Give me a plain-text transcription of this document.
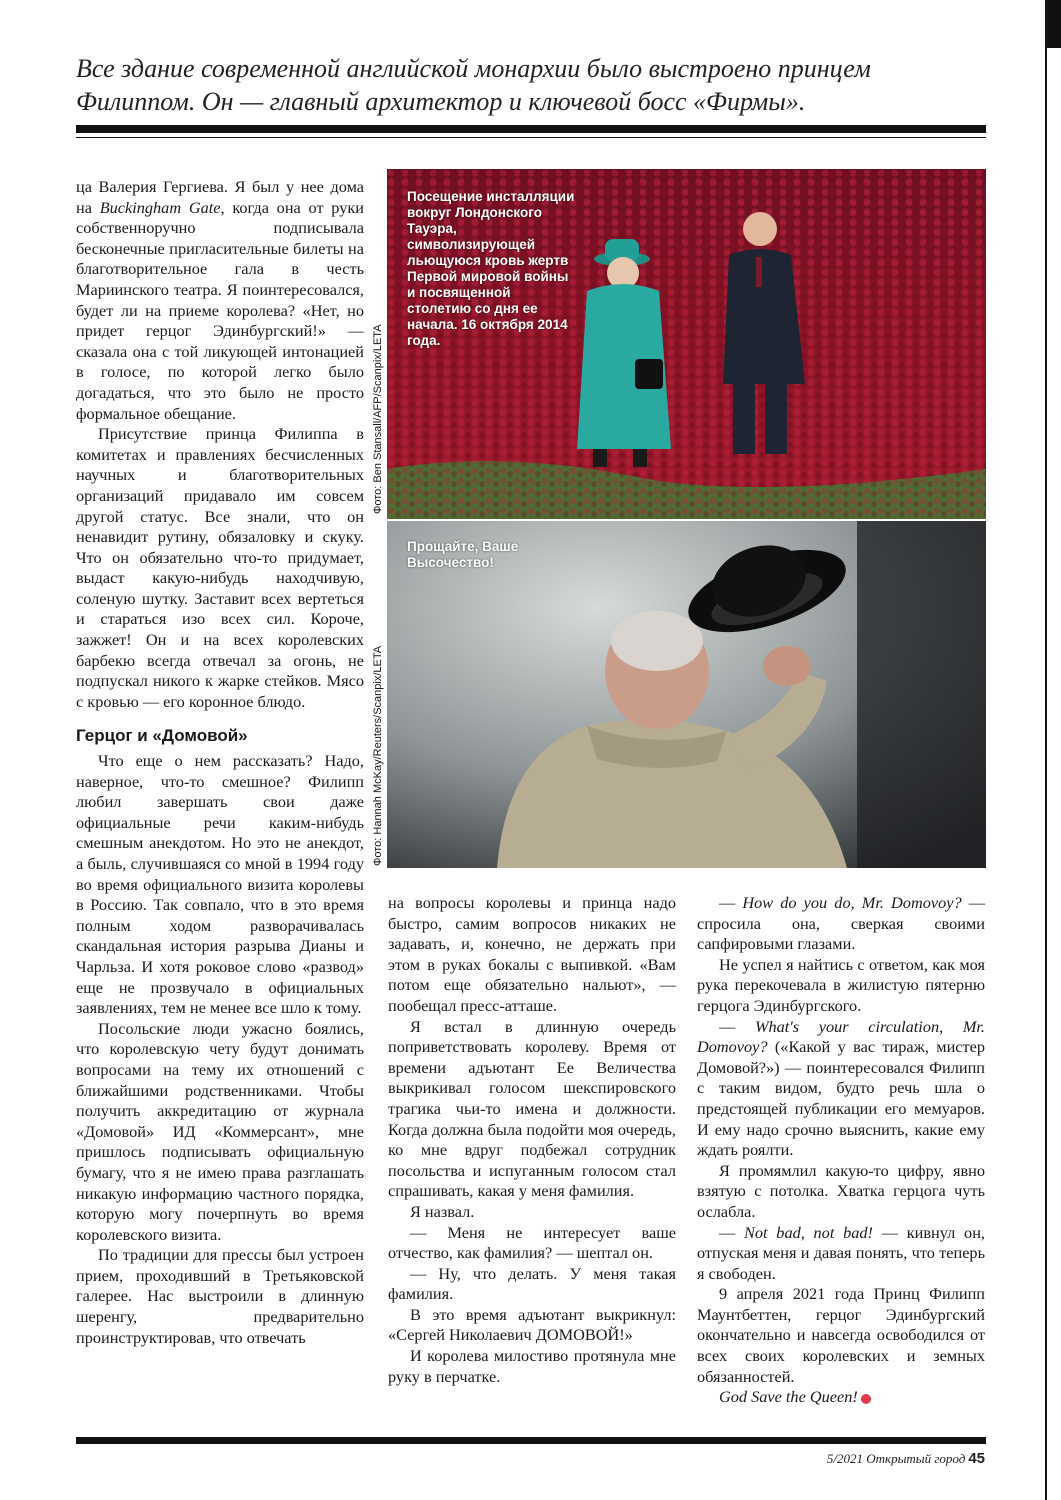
Все здание современной английской монархии было выстроено принцем Филиппом. Он — главный архитектор и ключевой босс «Фирмы».

ца Валерия Гергиева. Я был у нее дома на Buckingham Gate, когда она от руки собственноручно подписывала бесконечные пригласительные билеты на благотворительное гала в честь Мариинского театра. Я поинтересовался, будет ли на приеме королева? «Нет, но придет герцог Эдинбургский!» — сказала она с той ликующей интонацией в голосе, по которой легко было догадаться, что это было не просто формальное обещание.

Присутствие принца Филиппа в комитетах и правлениях бесчисленных научных и благотворительных организаций придавало им совсем другой статус. Все знали, что он ненавидит рутину, обязаловку и скуку. Что он обязательно что-то придумает, выдаст какую-нибудь находчивую, соленую шутку. Заставит всех вертеться и стараться изо всех сил. Короче, зажжет! Он и на всех королевских барбекю всегда отвечал за огонь, не подпускал никого к жарке стейков. Мясо с кровью — его коронное блюдо.

Герцог и «Домовой»

Что еще о нем рассказать? Надо, наверное, что-то смешное? Филипп любил завершать свои даже официальные речи каким-нибудь смешным анекдотом. Но это не анекдот, а быль, случившаяся со мной в 1994 году во время официального визита королевы в Россию. Так совпало, что в это время полным ходом разворачивалась скандальная история разрыва Дианы и Чарльза. И хотя роковое слово «развод» еще не прозвучало в официальных заявлениях, тем не менее все шло к тому.

Посольские люди ужасно боялись, что королевскую чету будут донимать вопросами на тему их отношений с ближайшими родственниками. Чтобы получить аккредитацию от журнала «Домовой» ИД «Коммерсант», мне пришлось подписывать официальную бумагу, что я не имею права разглашать никакую информацию частного порядка, которую могу почерпнуть во время королевского визита.

По традиции для прессы был устроен прием, проходивший в Третьяковской галерее. Нас выстроили в длинную шеренгу, предварительно проинструктировав, что отвечать

Посещение инсталляции вокруг Лондонского Тауэра, символизирующей льющуюся кровь жертв Первой мировой войны и посвященной столетию со дня ее начала. 16 октября 2014 года.
Фото: Ben Stansall/AFP/Scanpix/LETA
Прощайте, Ваше Высочество!
Фото: Hannah McKay/Reuters/Scanpix/LETA

на вопросы королевы и принца надо быстро, самим вопросов никаких не задавать, и, конечно, не держать при этом в руках бокалы с выпивкой. «Вам потом еще обязательно нальют», — пообещал пресс-атташе.

Я встал в длинную очередь поприветствовать королеву. Время от времени адъютант Ее Величества выкрикивал голосом шекспировского трагика чьи-то имена и должности. Когда должна была подойти моя очередь, ко мне вдруг подбежал сотрудник посольства и испуганным голосом стал спрашивать, какая у меня фамилия.

Я назвал.

— Меня не интересует ваше отчество, как фамилия? — шептал он.

— Ну, что делать. У меня такая фамилия.

В это время адъютант выкрикнул: «Сергей Николаевич ДОМОВОЙ!»

И королева милостиво протянула мне руку в перчатке.

— How do you do, Mr. Domovoy? — спросила она, сверкая своими сапфировыми глазами.

Не успел я найтись с ответом, как моя рука перекочевала в жилистую пятерню герцога Эдинбургского.

— What's your circulation, Mr. Domovoy? («Какой у вас тираж, мистер Домовой?») — поинтересовался Филипп с таким видом, будто речь шла о предстоящей публикации его мемуаров. И ему надо срочно выяснить, какие ему ждать роялти.

Я промямлил какую-то цифру, явно взятую с потолка. Хватка герцога чуть ослабла.

— Not bad, not bad! — кивнул он, отпуская меня и давая понять, что теперь я свободен.

9 апреля 2021 года Принц Филипп Маунтбеттен, герцог Эдинбургский окончательно и навсегда освободился от всех своих королевских и земных обязанностей.

God Save the Queen!

5/2021 Открытый город 45
